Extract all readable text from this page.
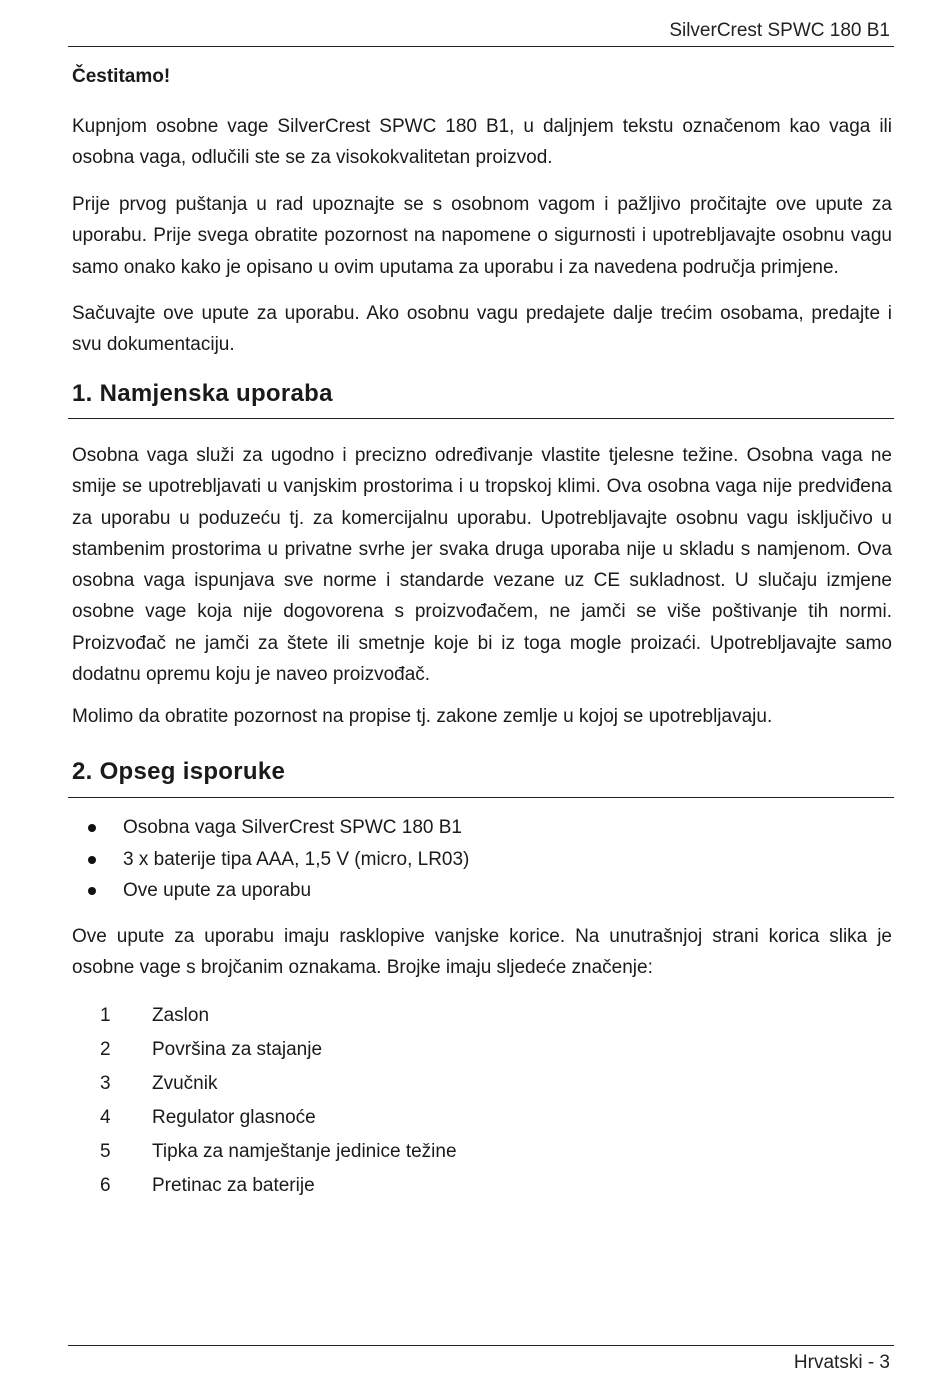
SilverCrest SPWC 180 B1
Čestitamo!

Kupnjom osobne vage SilverCrest SPWC 180 B1, u daljnjem tekstu označenom kao vaga ili osobna vaga, odlučili ste se za visokokvalitetan proizvod.

Prije prvog puštanja u rad upoznajte se s osobnom vagom i pažljivo pročitajte ove upute za uporabu. Prije svega obratite pozornost na napomene o sigurnosti i upotrebljavajte osobnu vagu samo onako kako je opisano u ovim uputama za uporabu i za navedena područja primjene.

Sačuvajte ove upute za uporabu. Ako osobnu vagu predajete dalje trećim osobama, predajte i svu dokumentaciju.

1. Namjenska uporaba

Osobna vaga služi za ugodno i precizno određivanje vlastite tjelesne težine. Osobna vaga ne smije se upotrebljavati u vanjskim prostorima i u tropskoj klimi. Ova osobna vaga nije predviđena za uporabu u poduzeću tj. za komercijalnu uporabu. Upotrebljavajte osobnu vagu isključivo u stambenim prostorima u privatne svrhe jer svaka druga uporaba nije u skladu s namjenom. Ova osobna vaga ispunjava sve norme i standarde vezane uz CE sukladnost. U slučaju izmjene osobne vage koja nije dogovorena s proizvođačem, ne jamči se više poštivanje tih normi. Proizvođač ne jamči za štete ili smetnje koje bi iz toga mogle proizaći. Upotrebljavajte samo dodatnu opremu koju je naveo proizvođač.

Molimo da obratite pozornost na propise tj. zakone zemlje u kojoj se upotrebljavaju.

2. Opseg isporuke
Osobna vaga SilverCrest SPWC 180 B1
3 x baterije tipa AAA, 1,5 V (micro, LR03)
Ove upute za uporabu

Ove upute za uporabu imaju rasklopive vanjske korice. Na unutrašnjoj strani korica slika je osobne vage s brojčanim oznakama. Brojke imaju sljedeće značenje:

1	Zaslon
2	Površina za stajanje
3	Zvučnik
4	Regulator glasnoće
5	Tipka za namještanje jedinice težine
6	Pretinac za baterije
Hrvatski - 3
